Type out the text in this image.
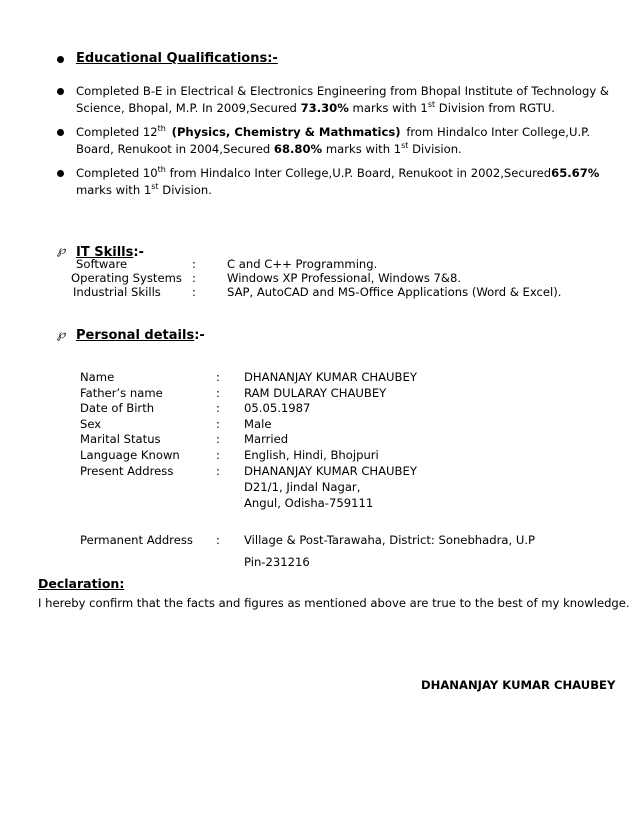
Educational Qualifications:-
Completed B-E in Electrical & Electronics Engineering from Bhopal Institute of Technology &
Science, Bhopal, M.P. In 2009,Secured 73.30% marks with 1st Division from RGTU.
Completed 12th (Physics, Chemistry & Mathmatics) from Hindalco Inter College,U.P.
Board, Renukoot in 2004,Secured 68.80% marks with 1st Division.
Completed 10th from Hindalco Inter College,U.P. Board, Renukoot in 2002,Secured 65.67%
marks with 1st Division.
℘ IT Skills:-
Software	:	C and C++ Programming.
Operating Systems :	Windows XP Professional, Windows 7&8.
Industrial Skills	:	SAP, AutoCAD and MS-Office Applications (Word & Excel).
℘ Personal details:-
Name	: DHANANJAY KUMAR CHAUBEY
Father’s name	: RAM DULARAY CHAUBEY
Date of Birth	: 05.05.1987
Sex	: Male
Marital Status	: Married
Language Known	: English, Hindi, Bhojpuri
Present Address	: DHANANJAY KUMAR CHAUBEY
D21/1, Jindal Nagar,
Angul, Odisha-759111
Permanent Address : Village & Post-Tarawaha, District: Sonebhadra, U.P
Pin-231216
Declaration:
I hereby confirm that the facts and figures as mentioned above are true to the best of my knowledge.
DHANANJAY KUMAR CHAUBEY
